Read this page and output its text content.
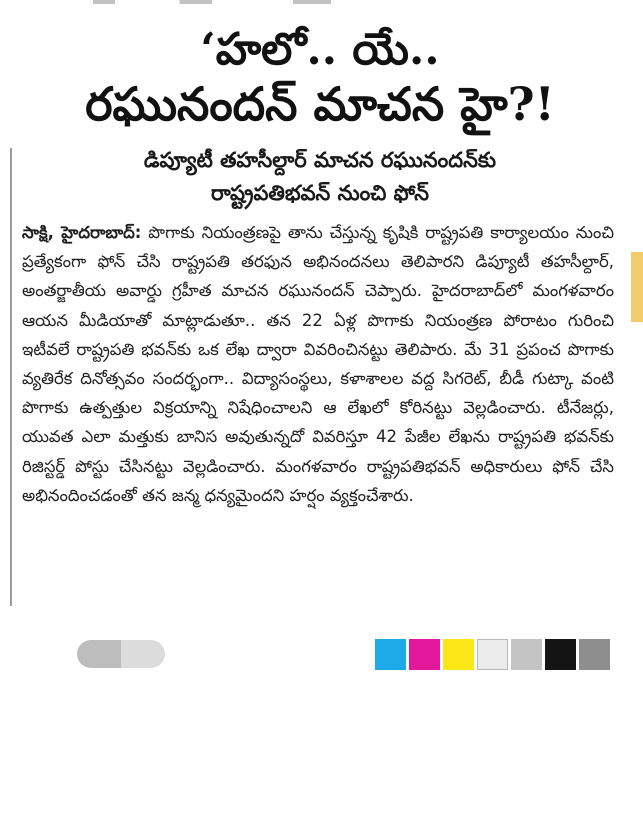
‘హలో.. యే..
రఘునందన్ మాచన హై?!
డిప్యూటీ తహసీల్దార్ మాచన రఘునందన్‌కు
రాష్ట్రపతిభవన్ నుంచి ఫోన్

సాక్షి, హైదరాబాద్: పొగాకు నియంత్రణపై తాను చేస్తున్న కృషికి రాష్ట్రపతి కార్యాలయం నుంచి ప్రత్యేకంగా ఫోన్ చేసి రాష్ట్రపతి తరఫున అభినందనలు తెలిపారని డిప్యూటీ తహసీల్దార్, అంతర్జాతీయ అవార్డు గ్రహీత మాచన రఘునందన్ చెప్పారు. హైదరాబాద్‌లో మంగళవారం ఆయన మీడియాతో మాట్లాడుతూ.. తన 22 ఏళ్ల పొగాకు నియంత్రణ పోరాటం గురించి ఇటీవలే రాష్ట్రపతి భవన్‌కు ఒక లేఖ ద్వారా వివరించినట్టు తెలిపారు. మే 31 ప్రపంచ పొగాకు వ్యతిరేక దినోత్సవం సందర్భంగా.. విద్యాసంస్థలు, కళాశాలల వద్ద సిగరెట్, బీడీ గుట్కా వంటి పొగాకు ఉత్పత్తుల విక్రయాన్ని నిషేధించాలని ఆ లేఖలో కోరినట్టు వెల్లడించారు. టీనేజర్లు, యువత ఎలా మత్తుకు బానిస అవుతున్నదో వివరిస్తూ 42 పేజీల లేఖను రాష్ట్రపతి భవన్‌కు రిజిస్టర్డ్ పోస్టు చేసినట్టు వెల్లడించారు. మంగళవారం రాష్ట్రపతిభవన్ అధికారులు ఫోన్ చేసి అభినందించడంతో తన జన్మ ధన్యమైందని హర్షం వ్యక్తంచేశారు.
